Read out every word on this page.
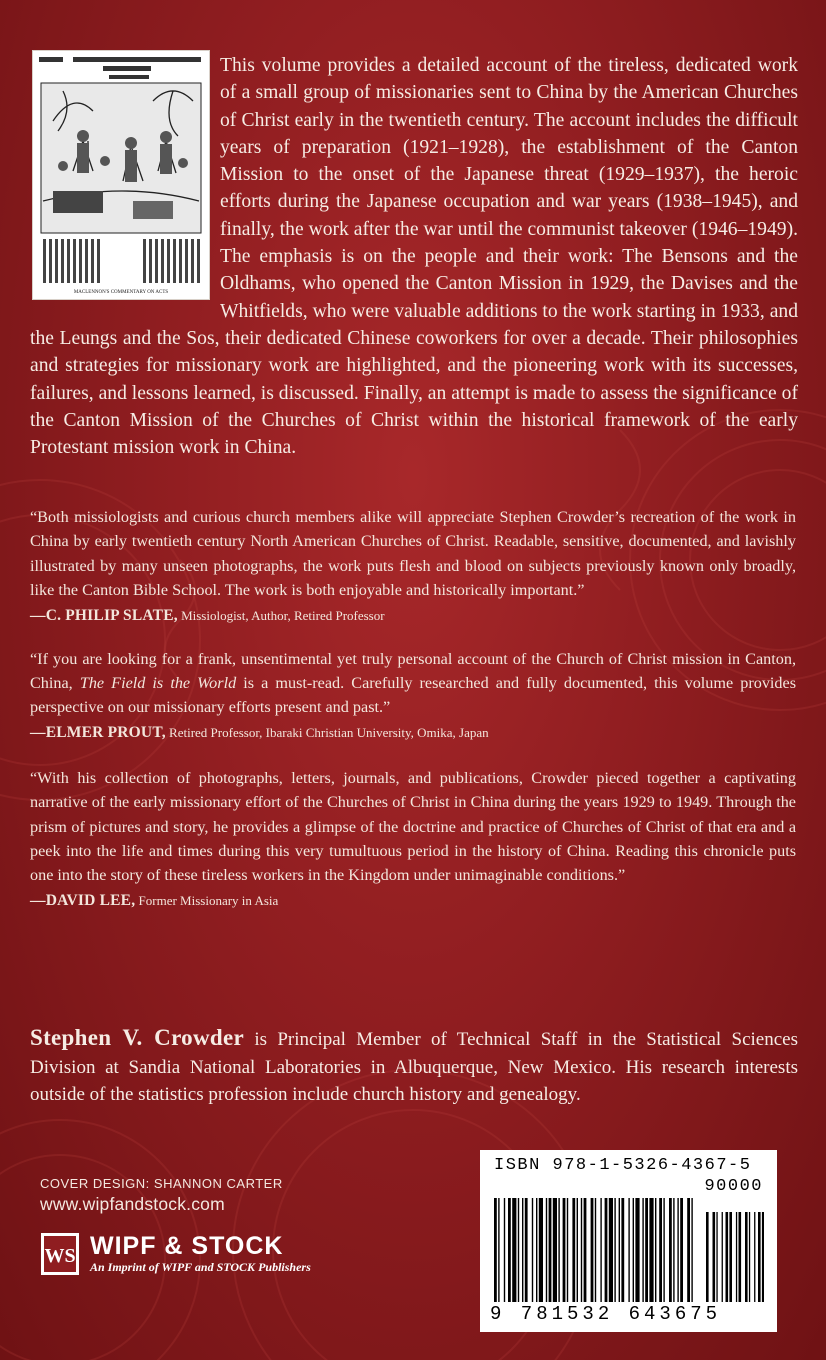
MACLENNON'S COMMENTARY ON ACTS

This volume provides a detailed account of the tireless, dedicated work of a small group of missionaries sent to China by the American Churches of Christ early in the twentieth century. The account includes the difficult years of preparation (1921–1928), the establishment of the Canton Mission to the onset of the Japanese threat (1929–1937), the heroic efforts during the Japanese occupation and war years (1938–1945), and finally, the work after the war until the communist takeover (1946–1949). The emphasis is on the people and their work: The Bensons and the Oldhams, who opened the Canton Mission in 1929, the Davises and the Whitfields, who were valuable additions to the work starting in 1933, and the Leungs and the Sos, their dedicated Chinese coworkers for over a decade. Their philosophies and strategies for missionary work are highlighted, and the pioneering work with its successes, failures, and lessons learned, is discussed. Finally, an attempt is made to assess the significance of the Canton Mission of the Churches of Christ within the historical framework of the early Protestant mission work in China.

“Both missiologists and curious church members alike will appreciate Stephen Crowder’s recreation of the work in China by early twentieth century North American Churches of Christ. Readable, sensitive, documented, and lavishly illustrated by many unseen photographs, the work puts flesh and blood on subjects previously known only broadly, like the Canton Bible School. The work is both enjoyable and historically important.”

—C. PHILIP SLATE, Missiologist, Author, Retired Professor

“If you are looking for a frank, unsentimental yet truly personal account of the Church of Christ mission in Canton, China, The Field is the World is a must-read. Carefully researched and fully documented, this volume provides perspective on our missionary efforts present and past.”

—ELMER PROUT, Retired Professor, Ibaraki Christian University, Omika, Japan

“With his collection of photographs, letters, journals, and publications, Crowder pieced together a captivating narrative of the early missionary effort of the Churches of Christ in China during the years 1929 to 1949. Through the prism of pictures and story, he provides a glimpse of the doctrine and practice of Churches of Christ of that era and a peek into the life and times during this very tumultuous period in the history of China. Reading this chronicle puts one into the story of these tireless workers in the Kingdom under unimaginable conditions.”

—DAVID LEE, Former Missionary in Asia

Stephen V. Crowder is Principal Member of Technical Staff in the Statistical Sciences Division at Sandia National Laboratories in Albuquerque, New Mexico. His research interests outside of the statistics profession include church history and genealogy.

COVER DESIGN: SHANNON CARTER
www.wipfandstock.com
WS WIPF & STOCK
An Imprint of WIPF and STOCK Publishers
ISBN 978-1-5326-4367-5
90000
9 781532 643675
